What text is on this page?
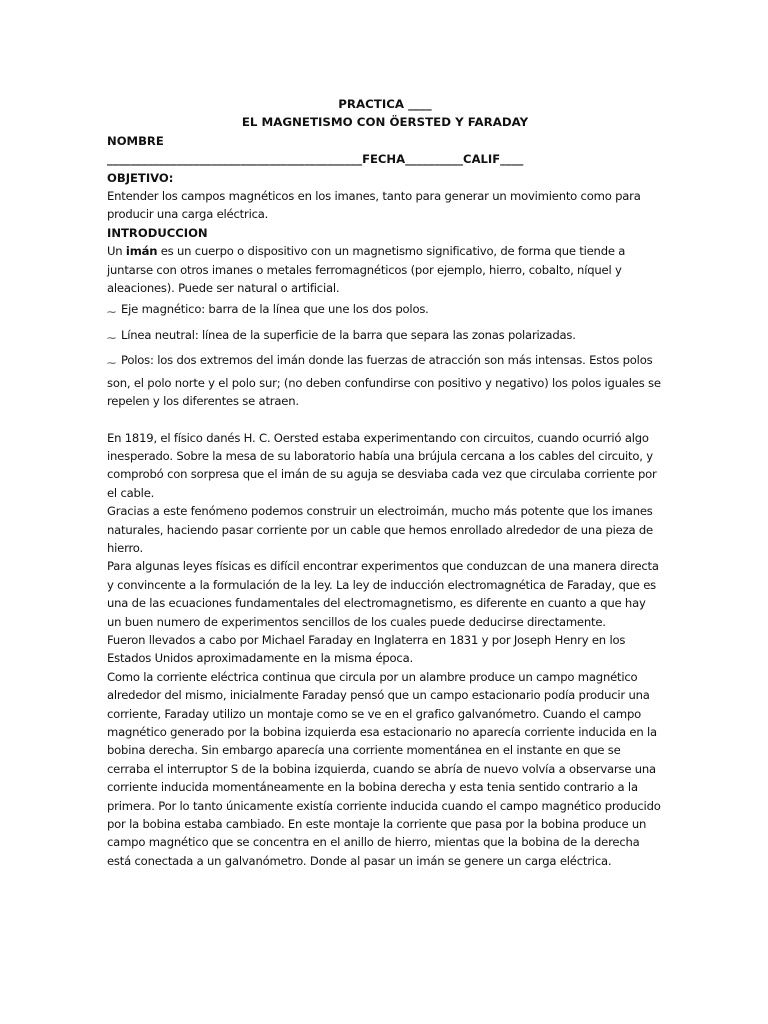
PRACTICA ____

EL MAGNETISMO CON ÖERSTED Y FARADAY

NOMBRE

____________________________________________FECHA__________CALIF____

OBJETIVO:

Entender los campos magnéticos en los imanes, tanto para generar un movimiento como para producir una carga eléctrica.

INTRODUCCION

Un imán es un cuerpo o dispositivo con un magnetismo significativo, de forma que tiende a juntarse con otros imanes o metales ferromagnéticos (por ejemplo, hierro, cobalto, níquel y aleaciones). Puede ser natural o artificial.

⁓ Eje magnético: barra de la línea que une los dos polos.

⁓ Línea neutral: línea de la superficie de la barra que separa las zonas polarizadas.

⁓ Polos: los dos extremos del imán donde las fuerzas de atracción son más intensas. Estos polos son, el polo norte y el polo sur; (no deben confundirse con positivo y negativo) los polos iguales se repelen y los diferentes se atraen.

En 1819, el físico danés H. C. Oersted estaba experimentando con circuitos, cuando ocurrió algo inesperado. Sobre la mesa de su laboratorio había una brújula cercana a los cables del circuito, y comprobó con sorpresa que el imán de su aguja se desviaba cada vez que circulaba corriente por el cable.

Gracias a este fenómeno podemos construir un electroimán, mucho más potente que los imanes naturales, haciendo pasar corriente por un cable que hemos enrollado alrededor de una pieza de hierro.

Para algunas leyes físicas es difícil encontrar experimentos que conduzcan de una manera directa y convincente a la formulación de la ley. La ley de inducción electromagnética de Faraday, que es una de las ecuaciones fundamentales del electromagnetismo, es diferente en cuanto a que hay un buen numero de experimentos sencillos de los cuales puede deducirse directamente.

Fueron llevados a cabo por Michael Faraday en Inglaterra en 1831 y por Joseph Henry en los Estados Unidos aproximadamente en la misma época.

Como la corriente eléctrica continua que circula por un alambre produce un campo magnético alrededor del mismo, inicialmente Faraday pensó que un campo estacionario podía producir una corriente, Faraday utilizo un montaje como se ve en el grafico galvanómetro. Cuando el campo magnético generado por la bobina izquierda esa estacionario no aparecía corriente inducida en la bobina derecha. Sin embargo aparecía una corriente momentánea en el instante en que se cerraba el interruptor S de la bobina izquierda, cuando se abría de nuevo volvía a observarse una corriente inducida momentáneamente en la bobina derecha y esta tenia sentido contrario a la primera. Por lo tanto únicamente existía corriente inducida cuando el campo magnético producido por la bobina estaba cambiado. En este montaje la corriente que pasa por la bobina produce un campo magnético que se concentra en el anillo de hierro, mientas que la bobina de la derecha está conectada a un galvanómetro. Donde al pasar un imán se genere un carga eléctrica.
